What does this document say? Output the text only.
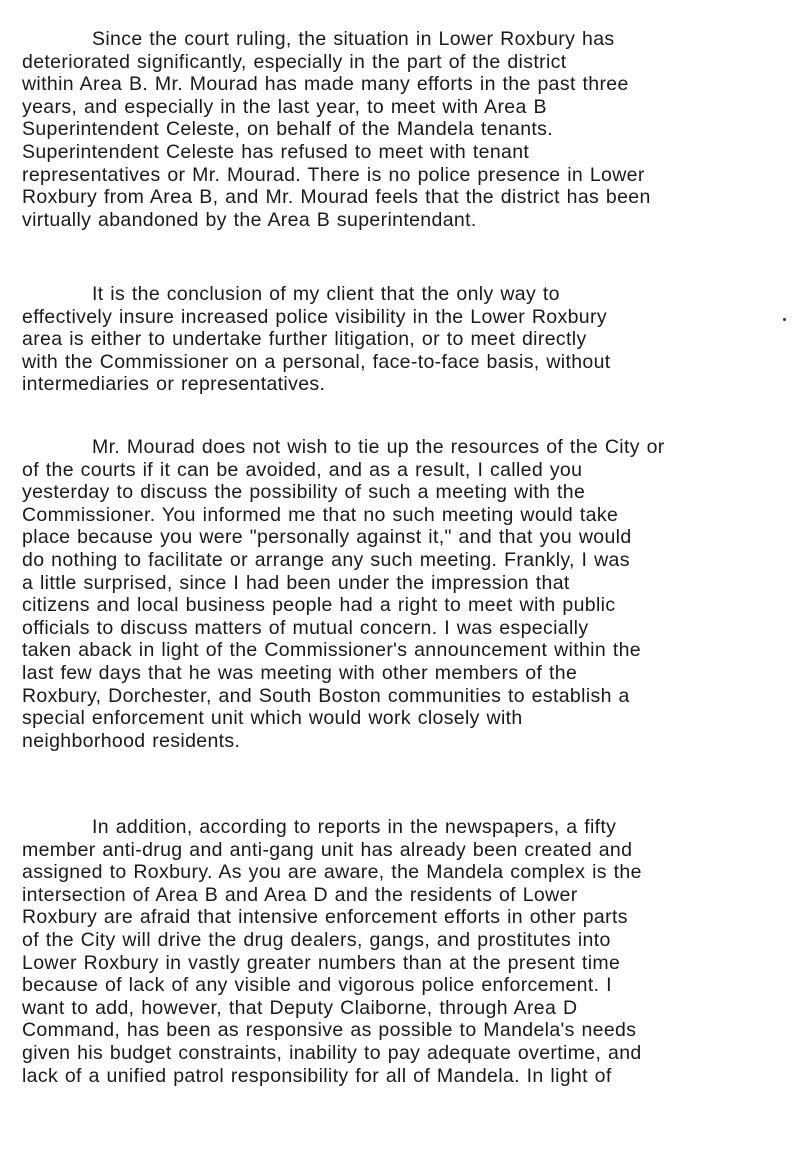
Since the court ruling, the situation in Lower Roxbury has
deteriorated significantly, especially in the part of the district
within Area B. Mr. Mourad has made many efforts in the past three
years, and especially in the last year, to meet with Area B
Superintendent Celeste, on behalf of the Mandela tenants.
Superintendent Celeste has refused to meet with tenant
representatives or Mr. Mourad. There is no police presence in Lower
Roxbury from Area B, and Mr. Mourad feels that the district has been
virtually abandoned by the Area B superintendant.
It is the conclusion of my client that the only way to
effectively insure increased police visibility in the Lower Roxbury
area is either to undertake further litigation, or to meet directly
with the Commissioner on a personal, face-to-face basis, without
intermediaries or representatives.
Mr. Mourad does not wish to tie up the resources of the City or
of the courts if it can be avoided, and as a result, I called you
yesterday to discuss the possibility of such a meeting with the
Commissioner. You informed me that no such meeting would take
place because you were "personally against it," and that you would
do nothing to facilitate or arrange any such meeting. Frankly, I was
a little surprised, since I had been under the impression that
citizens and local business people had a right to meet with public
officials to discuss matters of mutual concern. I was especially
taken aback in light of the Commissioner's announcement within the
last few days that he was meeting with other members of the
Roxbury, Dorchester, and South Boston communities to establish a
special enforcement unit which would work closely with
neighborhood residents.
In addition, according to reports in the newspapers, a fifty
member anti-drug and anti-gang unit has already been created and
assigned to Roxbury. As you are aware, the Mandela complex is the
intersection of Area B and Area D and the residents of Lower
Roxbury are afraid that intensive enforcement efforts in other parts
of the City will drive the drug dealers, gangs, and prostitutes into
Lower Roxbury in vastly greater numbers than at the present time
because of lack of any visible and vigorous police enforcement. I
want to add, however, that Deputy Claiborne, through Area D
Command, has been as responsive as possible to Mandela's needs
given his budget constraints, inability to pay adequate overtime, and
lack of a unified patrol responsibility for all of Mandela. In light of
